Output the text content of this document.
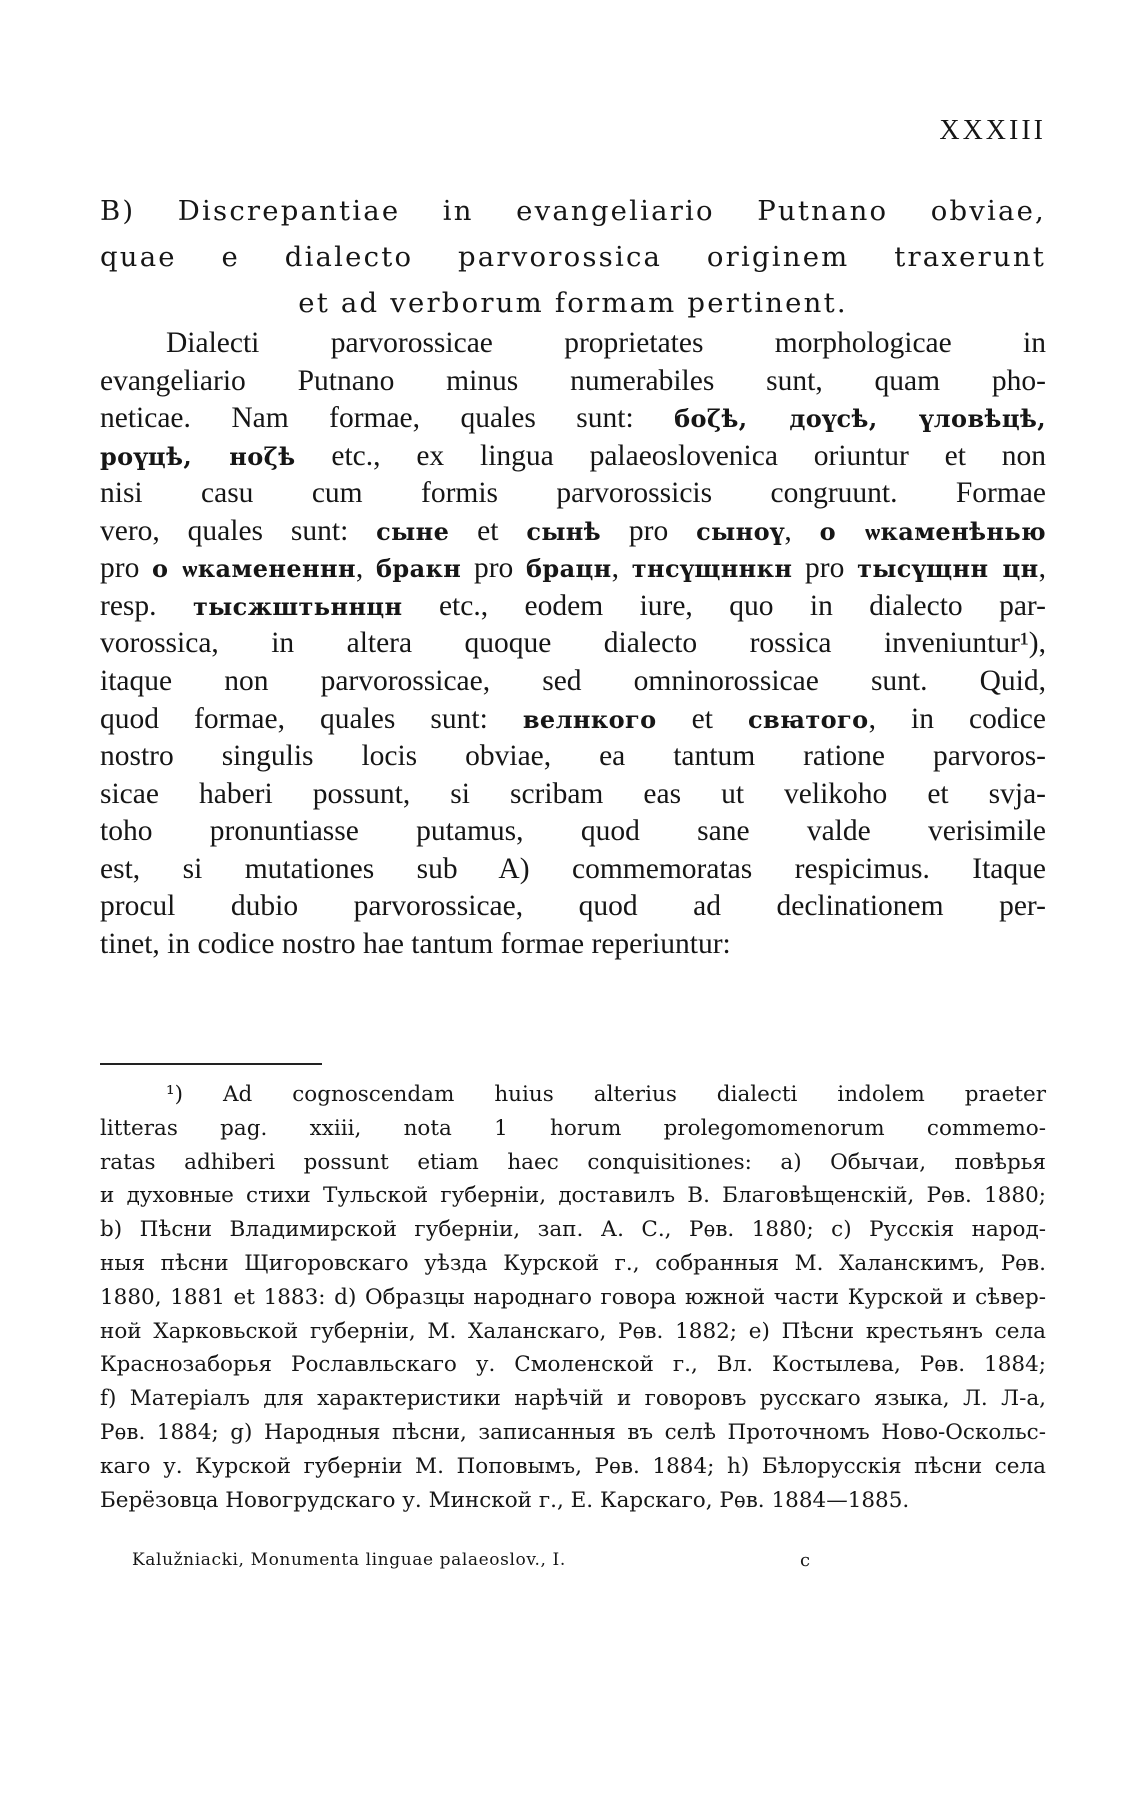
XXXIII
B) Discrepantiae in evangeliario Putnano obviae,
quae e dialecto parvorossica originem traxerunt
et ad verborum formam pertinent.
Dialecti parvorossicae proprietates morphologicae in
evangeliario Putnano minus numerabiles sunt, quam pho-
neticae. Nam formae, quales sunt: бοζѣ, доүсѣ, үловѣцѣ,
роүцѣ, ноζѣ etc., ex lingua palaeoslovenica oriuntur et non
nisi casu cum formis parvorossicis congruunt. Formae
vero, quales sunt: сыне et сынѣ pro сыноү, о ѡкаменѣнью
pro о ѡкамененнн, бракн pro брацн, тнсүщннкн pro тысүщнн цн,
resp. тысжштьннцн etc., eodem iure, quo in dialecto par-
vorossica, in altera quoque dialecto rossica inveniuntur¹),
itaque non parvorossicae, sed omninorossicae sunt. Quid,
quod formae, quales sunt: велнкого et свꙗтого, in codice
nostro singulis locis obviae, ea tantum ratione parvoros-
sicae haberi possunt, si scribam eas ut velikoho et svja-
toho pronuntiasse putamus, quod sane valde verisimile
est, si mutationes sub A) commemoratas respicimus. Itaque
procul dubio parvorossicae, quod ad declinationem per-
tinet, in codice nostro hae tantum formae reperiuntur:
¹) Ad cognoscendam huius alterius dialecti indolem praeter
litteras pag. xxiii, nota 1 horum prolegomomenorum commemo-
ratas adhiberi possunt etiam haec conquisitiones: a) Обычаи, повѣрья
и духовные стихи Тульской губерніи, доставилъ В. Благовѣщенскій, Рѳв. 1880;
b) Пѣсни Владимирской губерніи, зап. А. С., Рѳв. 1880; c) Русскія народ-
ныя пѣсни Щигоровскаго уѣзда Курской г., собранныя М. Халанскимъ, Рѳв.
1880, 1881 et 1883: d) Образцы народнаго говора южной части Курской и сѣвер-
ной Харковьской губерніи, М. Халанскаго, Рѳв. 1882; e) Пѣсни крестьянъ села
Краснозаборья Рославльскаго у. Смоленской г., Вл. Костылева, Рѳв. 1884;
f) Матеріалъ для характеристики нарѣчій и говоровъ русскаго языка, Л. Л-а,
Рѳв. 1884; g) Народныя пѣсни, записанныя въ селѣ Проточномъ Ново-Оскольс-
каго у. Курской губерніи М. Поповымъ, Рѳв. 1884; h) Бѣлорусскія пѣсни села
Берёзовца Новогрудскаго у. Минской г., Е. Карскаго, Рѳв. 1884—1885.
Kalužniacki, Monumenta linguae palaeoslov., I.	c
